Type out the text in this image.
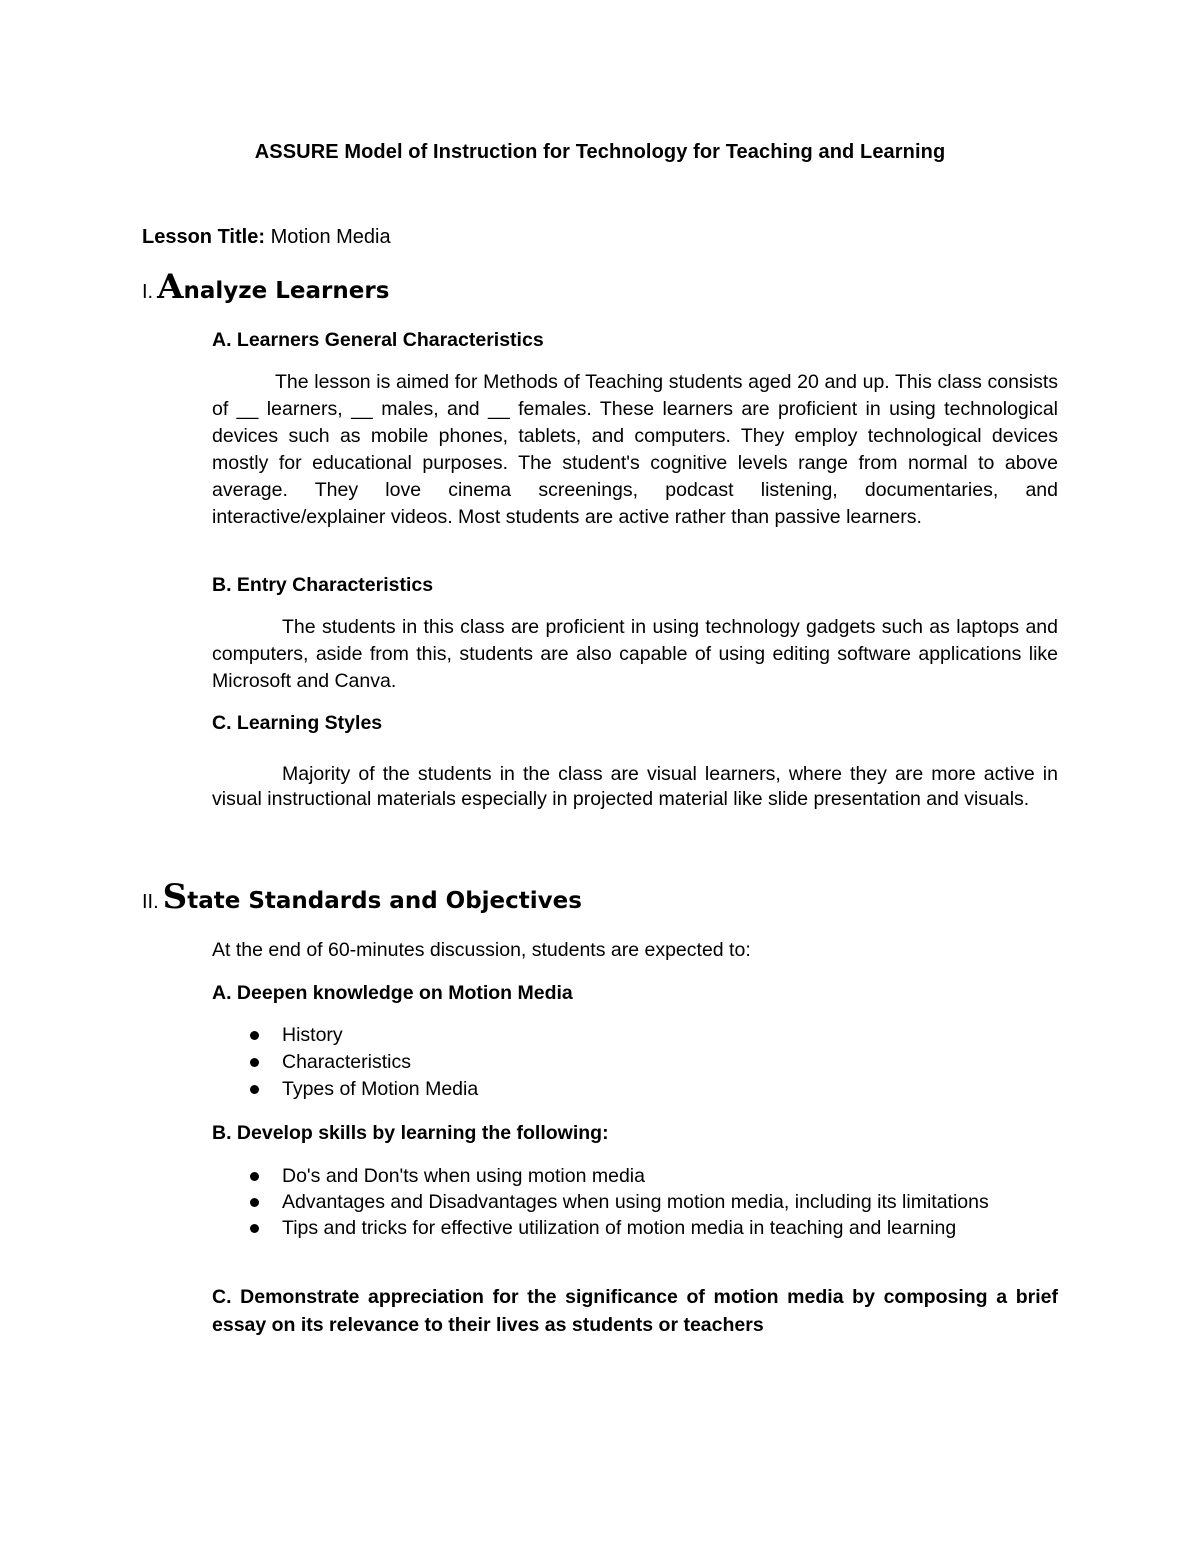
ASSURE Model of Instruction for Technology for Teaching and Learning
Lesson Title: Motion Media
I. A nalyze Learners
A. Learners General Characteristics
The lesson is aimed for Methods of Teaching students aged 20 and up. This class consists of __ learners, __ males, and __ females. These learners are proficient in using technological devices such as mobile phones, tablets, and computers. They employ technological devices mostly for educational purposes. The student's cognitive levels range from normal to above average. They love cinema screenings, podcast listening, documentaries, and interactive/explainer videos. Most students are active rather than passive learners.
B. Entry Characteristics
The students in this class are proficient in using technology gadgets such as laptops and computers, aside from this, students are also capable of using editing software applications like Microsoft and Canva.
C. Learning Styles
Majority of the students in the class are visual learners, where they are more active in visual instructional materials especially in projected material like slide presentation and visuals.
II. S tate Standards and Objectives
At the end of 60-minutes discussion, students are expected to:
A. Deepen knowledge on Motion Media
History
Characteristics
Types of Motion Media
B. Develop skills by learning the following:
Do's and Don'ts when using motion media
Advantages and Disadvantages when using motion media, including its limitations
Tips and tricks for effective utilization of motion media in teaching and learning
C. Demonstrate appreciation for the significance of motion media by composing a brief essay on its relevance to their lives as students or teachers
